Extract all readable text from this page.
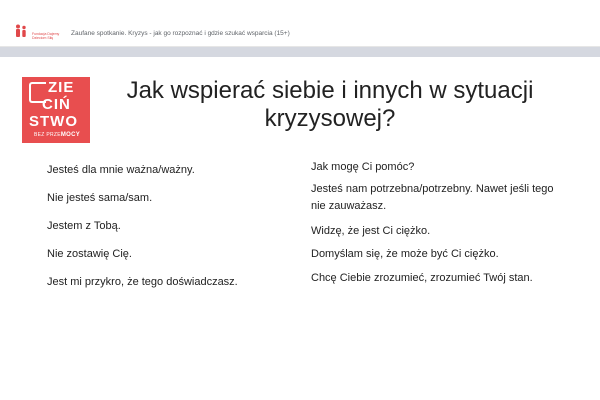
Fundacja Dajemy Dzieciom Siłę
Zaufane spotkanie. Kryzys - jak go rozpoznać i gdzie szukać wsparcia (15+)
ZIE
CIŃ
STWO
BEZ PRZEMOCY
Jak wspierać siebie i innych w sytuacji kryzysowej?
Jesteś dla mnie ważna/ważny.
Nie jesteś sama/sam.
Jestem z Tobą.
Nie zostawię Cię.
Jest mi przykro, że tego doświadczasz.
Jak mogę Ci pomóc?
Jesteś nam potrzebna/potrzebny. Nawet jeśli tego nie zauważasz.
Widzę, że jest Ci ciężko.
Domyślam się, że może być Ci ciężko.
Chcę Ciebie zrozumieć, zrozumieć Twój stan.
